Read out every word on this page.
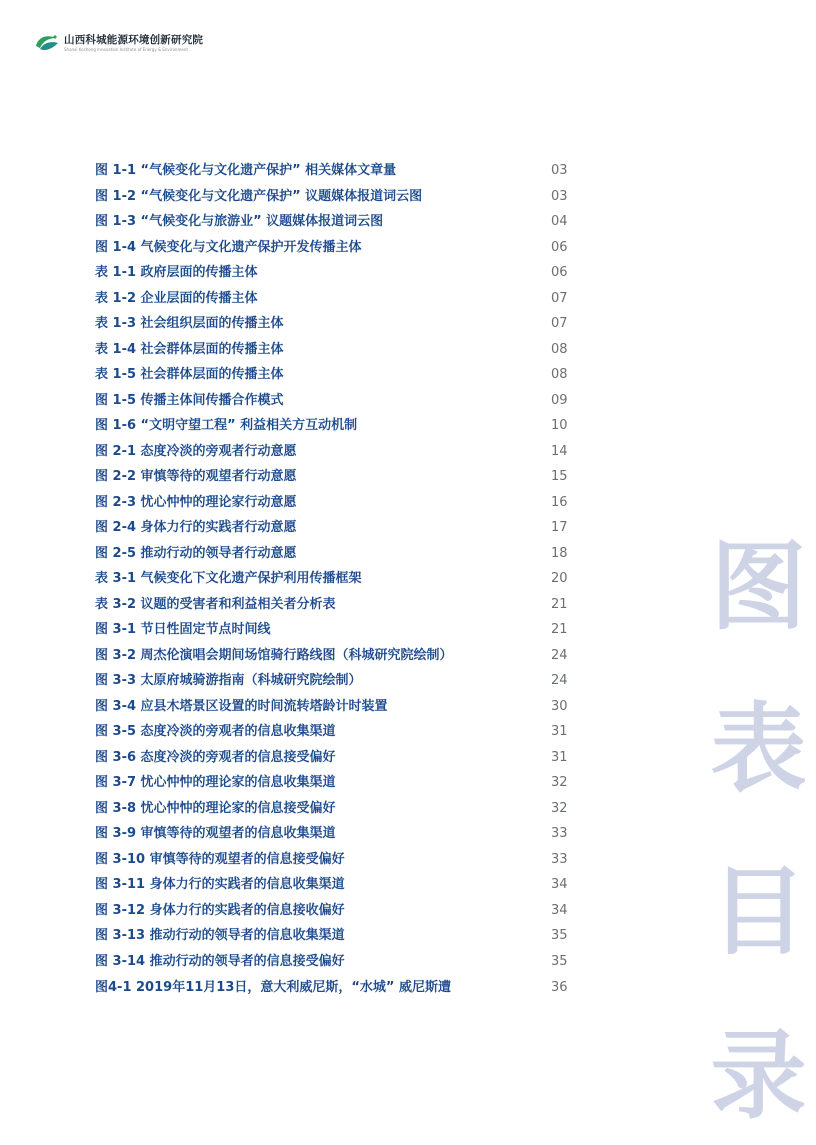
山西科城能源环境创新研究院
Shanxi Kecheng Innovation Institute of Energy & Environment
图 1-1 “气候变化与文化遗产保护” 相关媒体文章量	03
图 1-2 “气候变化与文化遗产保护” 议题媒体报道词云图	03
图 1-3 “气候变化与旅游业” 议题媒体报道词云图	04
图 1-4 气候变化与文化遗产保护开发传播主体	06
表 1-1 政府层面的传播主体	06
表 1-2 企业层面的传播主体	07
表 1-3 社会组织层面的传播主体	07
表 1-4 社会群体层面的传播主体	08
表 1-5 社会群体层面的传播主体	08
图 1-5 传播主体间传播合作模式	09
图 1-6 “文明守望工程” 利益相关方互动机制	10
图 2-1 态度冷淡的旁观者行动意愿	14
图 2-2 审慎等待的观望者行动意愿	15
图 2-3 忧心忡忡的理论家行动意愿	16
图 2-4 身体力行的实践者行动意愿	17
图 2-5 推动行动的领导者行动意愿	18
表 3-1 气候变化下文化遗产保护利用传播框架	20
表 3-2 议题的受害者和利益相关者分析表	21
图 3-1 节日性固定节点时间线	21
图 3-2 周杰伦演唱会期间场馆骑行路线图（科城研究院绘制）	24
图 3-3 太原府城骑游指南（科城研究院绘制）	24
图 3-4 应县木塔景区设置的时间流转塔龄计时装置	30
图 3-5 态度冷淡的旁观者的信息收集渠道	31
图 3-6 态度冷淡的旁观者的信息接受偏好	31
图 3-7 忧心忡忡的理论家的信息收集渠道	32
图 3-8 忧心忡忡的理论家的信息接受偏好	32
图 3-9 审慎等待的观望者的信息收集渠道	33
图 3-10 审慎等待的观望者的信息接受偏好	33
图 3-11 身体力行的实践者的信息收集渠道	34
图 3-12 身体力行的实践者的信息接收偏好	34
图 3-13 推动行动的领导者的信息收集渠道	35
图 3-14 推动行动的领导者的信息接受偏好	35
图4-1 2019年11月13日，意大利威尼斯，“水城” 威尼斯遭	36
图
表
目
录
